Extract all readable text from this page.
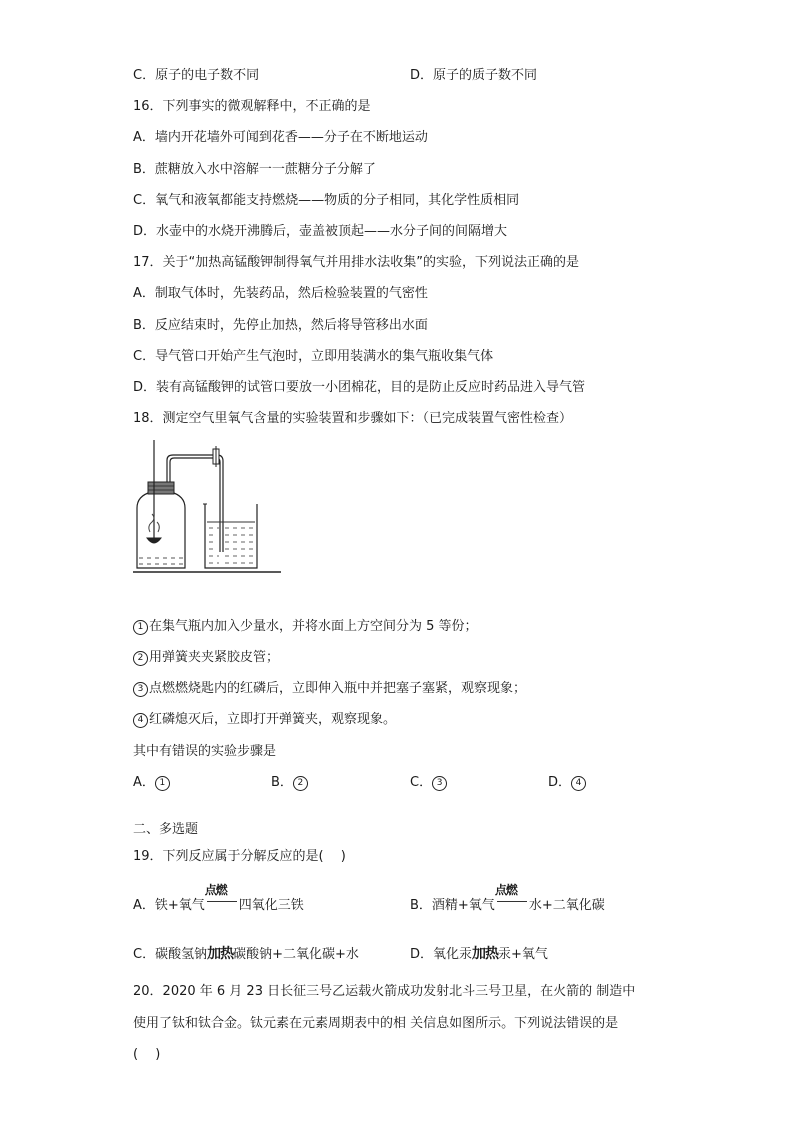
C．原子的电子数不同	D．原子的质子数不同
16．下列事实的微观解释中，不正确的是
A．墙内开花墙外可闻到花香——分子在不断地运动
B．蔗糖放入水中溶解一一蔗糖分子分解了
C．氧气和液氧都能支持燃烧——物质的分子相同，其化学性质相同
D．水壶中的水烧开沸腾后，壶盖被顶起——水分子间的间隔增大
17．关于“加热高锰酸钾制得氧气并用排水法收集”的实验，下列说法正确的是
A．制取气体时，先装药品，然后检验装置的气密性
B．反应结束时，先停止加热，然后将导管移出水面
C．导气管口开始产生气泡时，立即用装满水的集气瓶收集气体
D．装有高锰酸钾的试管口要放一小团棉花，目的是防止反应时药品进入导气管
18．测定空气里氧气含量的实验装置和步骤如下：（已完成装置气密性检查）
1 在集气瓶内加入少量水，并将水面上方空间分为 5 等份；
2 用弹簧夹夹紧胶皮管；
3 点燃燃烧匙内的红磷后，立即伸入瓶中并把塞子塞紧，观察现象；
4 红磷熄灭后，立即打开弹簧夹，观察现象。
其中有错误的实验步骤是
A． 1	B． 2	C． 3	D． 4
二、多选题
19．下列反应属于分解反应的是(　 )
A．铁+氧气
点燃
四氧化三铁	B．酒精+氧气
点燃
水+二氧化碳
C．碳酸氢钠加热碳酸钠+二氧化碳+水	D．氧化汞加热汞+氧气
20．2020 年 6 月 23 日长征三号乙运载火箭成功发射北斗三号卫星，在火箭的 制造中
使用了钛和钛合金。钛元素在元素周期表中的相 关信息如图所示。下列说法错误的是
(　 )
